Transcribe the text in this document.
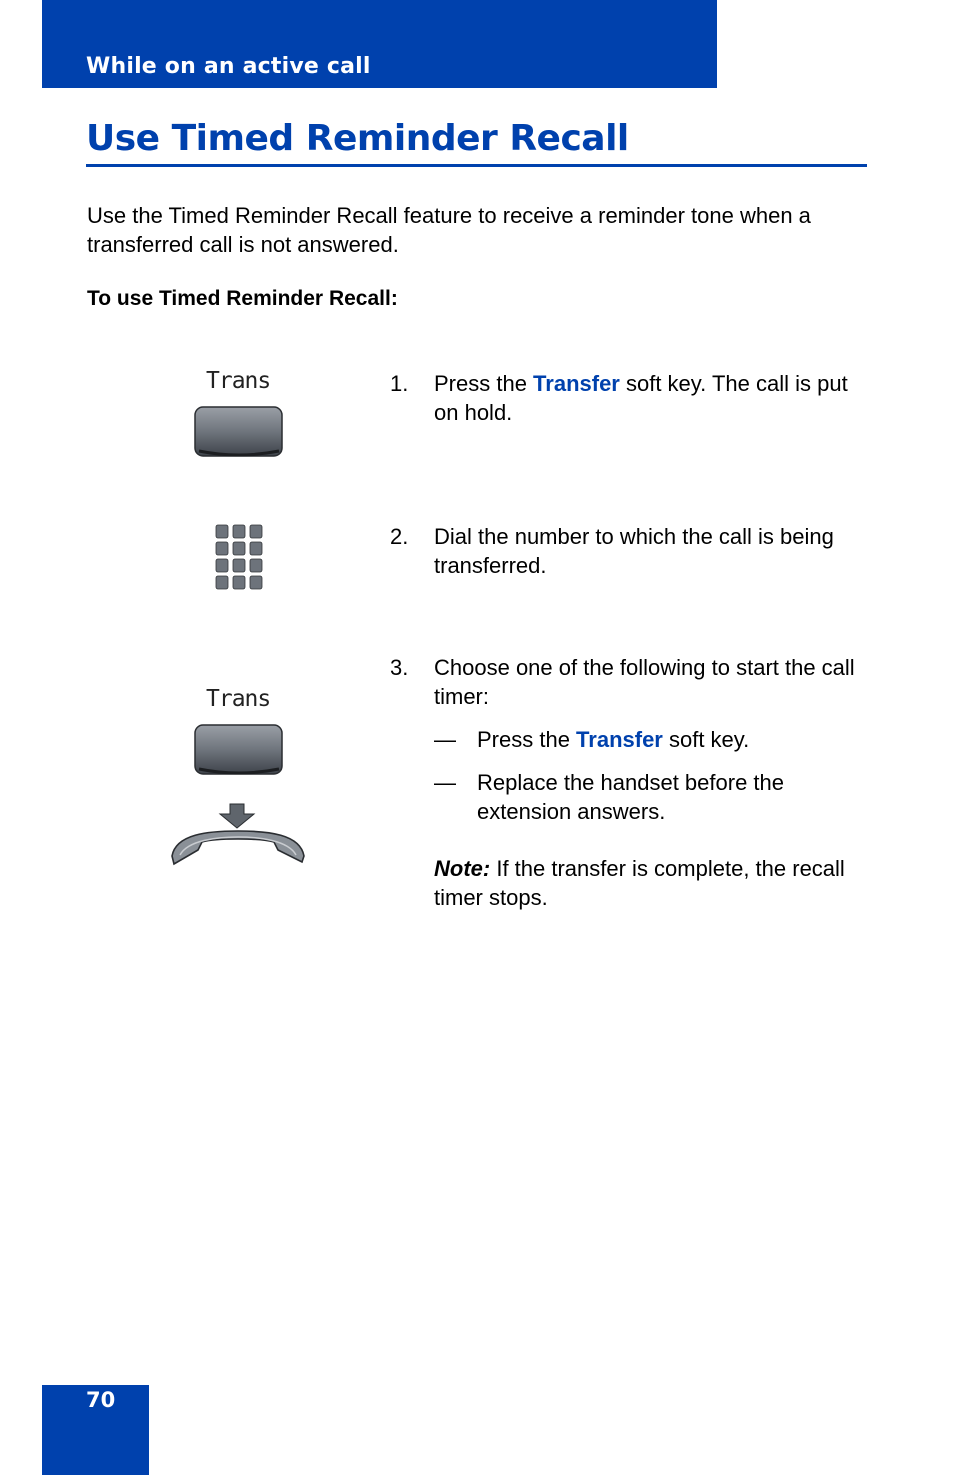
While on an active call
Use Timed Reminder Recall
Use the Timed Reminder Recall feature to receive a reminder tone when a transferred call is not answered.
To use Timed Reminder Recall:
Trans	1. Press the Transfer soft key. The call is put on hold.
2. Dial the number to which the call is being transferred.
Trans
3. Choose one of the following to start the call timer:
— Press the Transfer soft key.
— Replace the handset before the extension answers.
Note: If the transfer is complete, the recall timer stops.
70
